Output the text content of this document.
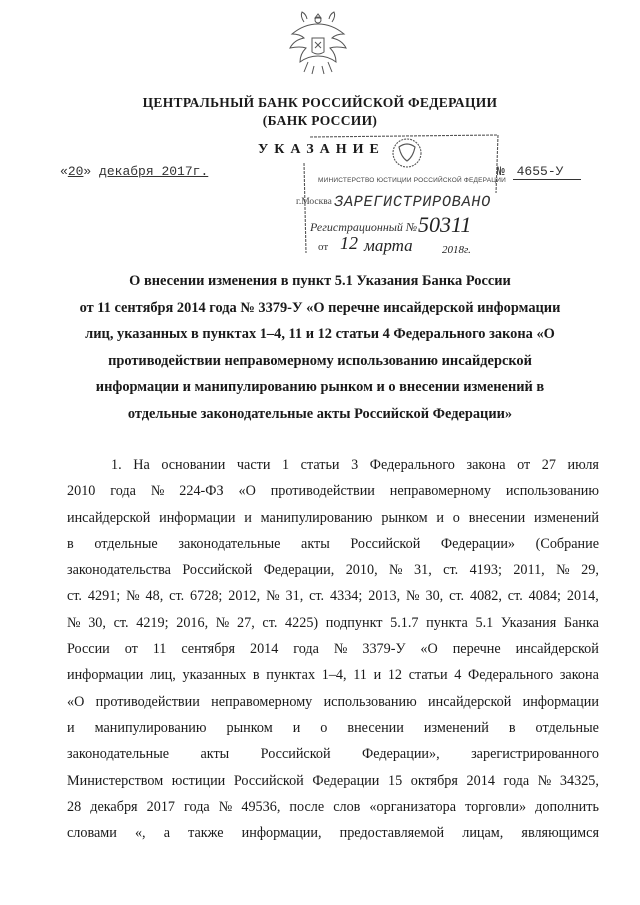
ЦЕНТРАЛЬНЫЙ БАНК РОССИЙСКОЙ ФЕДЕРАЦИИ
(БАНК РОССИИ)
УКАЗАНИЕ
«20» декабря 2017г.	№ 4655-У
МИНИСТЕРСТВО ЮСТИЦИИ РОССИЙСКОЙ ФЕДЕРАЦИИ
г.Москва ЗАРЕГИСТРИРОВАНО
Регистрационный № 50311
от 12 марта	2018г.
О внесении изменения в пункт 5.1 Указания Банка России
от 11 сентября 2014 года № 3379-У «О перечне инсайдерской информации
лиц, указанных в пунктах 1–4, 11 и 12 статьи 4 Федерального закона «О
противодействии неправомерному использованию инсайдерской
информации и манипулированию рынком и о внесении изменений в
отдельные законодательные акты Российской Федерации»
1. На основании части 1 статьи 3 Федерального закона от 27 июля
2010 года № 224-ФЗ «О противодействии неправомерному использованию
инсайдерской информации и манипулированию рынком и о внесении изменений
в отдельные законодательные акты Российской Федерации» (Собрание
законодательства Российской Федерации, 2010, № 31, ст. 4193; 2011, № 29,
ст. 4291; № 48, ст. 6728; 2012, № 31, ст. 4334; 2013, № 30, ст. 4082, ст. 4084; 2014,
№ 30, ст. 4219; 2016, № 27, ст. 4225) подпункт 5.1.7 пункта 5.1 Указания Банка
России от 11 сентября 2014 года № 3379-У «О перечне инсайдерской
информации лиц, указанных в пунктах 1–4, 11 и 12 статьи 4 Федерального закона
«О противодействии неправомерному использованию инсайдерской информации
и манипулированию рынком и о внесении изменений в отдельные
законодательные акты Российской Федерации», зарегистрированного
Министерством юстиции Российской Федерации 15 октября 2014 года № 34325,
28 декабря 2017 года № 49536, после слов «организатора торговли» дополнить
словами «, а также информации, предоставляемой лицам, являющимся
